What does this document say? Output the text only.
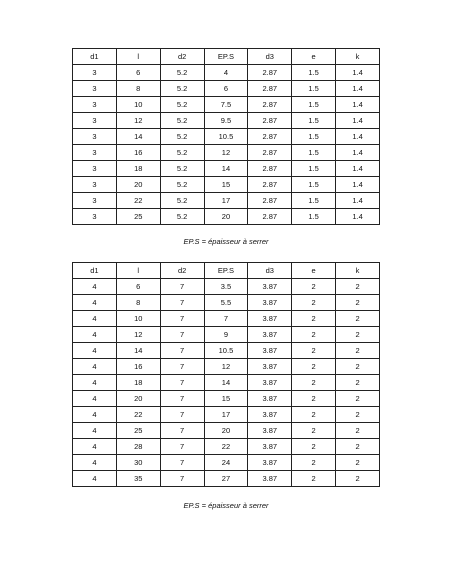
d1	l	d2	EP.S	d3	e	k
3	6	5.2	4	2.87	1.5	1.4
3	8	5.2	6	2.87	1.5	1.4
3	10	5.2	7.5	2.87	1.5	1.4
3	12	5.2	9.5	2.87	1.5	1.4
3	14	5.2	10.5	2.87	1.5	1.4
3	16	5.2	12	2.87	1.5	1.4
3	18	5.2	14	2.87	1.5	1.4
3	20	5.2	15	2.87	1.5	1.4
3	22	5.2	17	2.87	1.5	1.4
3	25	5.2	20	2.87	1.5	1.4
EP.S = épaisseur à serrer
d1	l	d2	EP.S	d3	e	k
4	6	7	3.5	3.87	2	2
4	8	7	5.5	3.87	2	2
4	10	7	7	3.87	2	2
4	12	7	9	3.87	2	2
4	14	7	10.5	3.87	2	2
4	16	7	12	3.87	2	2
4	18	7	14	3.87	2	2
4	20	7	15	3.87	2	2
4	22	7	17	3.87	2	2
4	25	7	20	3.87	2	2
4	28	7	22	3.87	2	2
4	30	7	24	3.87	2	2
4	35	7	27	3.87	2	2
EP.S = épaisseur à serrer
